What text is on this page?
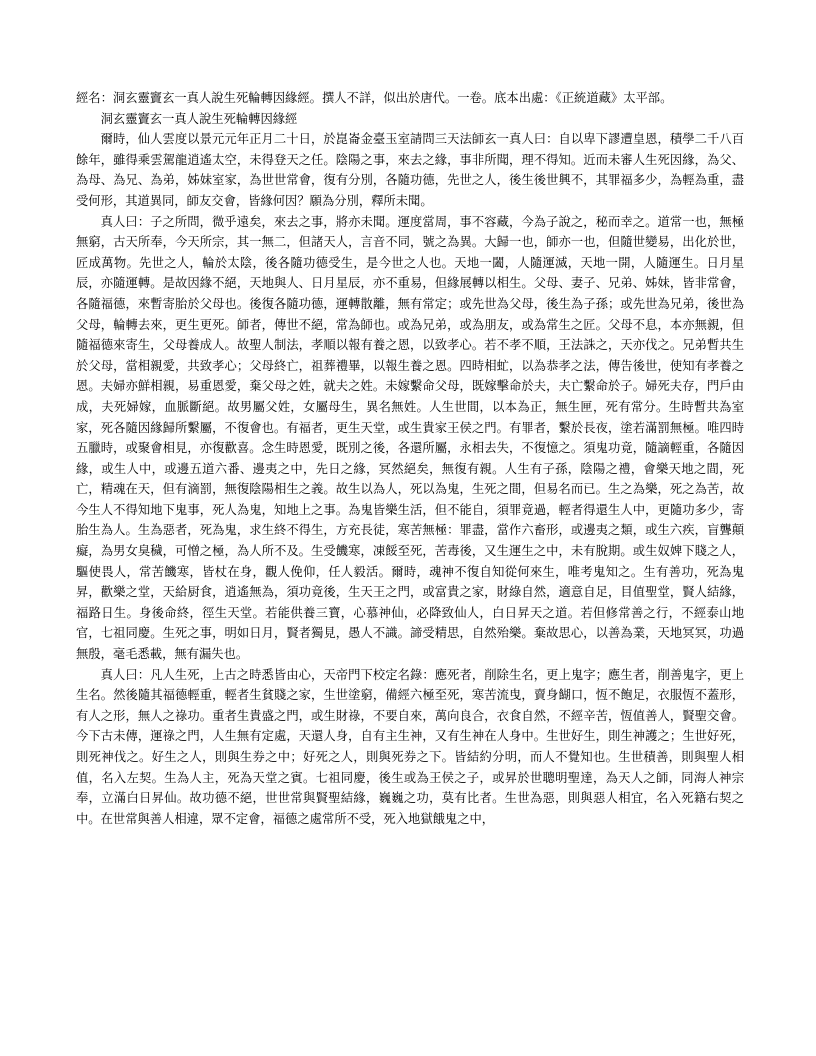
經名：洞玄靈竇玄一真人說生死輪轉因緣經。撰人不詳，似出於唐代。一卷。底本出處：《正統道藏》太平部。

洞玄靈竇玄一真人說生死輪轉因緣經

爾時，仙人雲度以景元元年正月二十日，於崑崙金臺玉室請問三天法師玄一真人曰：自以卑下謬遭皇恩，積學二千八百餘年，雖得乘雲駕龍逍遙太空，未得登天之任。陰陽之事，來去之緣，事非所聞，理不得知。近而未審人生死因緣，為父、為母、為兄、為弟，姊妹室家，為世世常會，復有分別，各隨功德，先世之人，後生後世興不，其罪福多少，為輕為重，盡受何形，其道異同，師友交會，皆緣何因？願為分別，釋所未聞。

真人曰：子之所問，微乎遠矣，來去之事，將亦未聞。運度當周，事不容藏，今為子說之，秘而幸之。道常一也，無極無窮，古天所奉，今天所宗，其一無二，但諸天人，言音不同，號之為異。大歸一也，師亦一也，但隨世變易，出化於世，匠成萬物。先世之人，輪於太陰，後各隨功德受生，是今世之人也。天地一闔，人隨運滅，天地一開，人隨運生。日月星辰，亦隨運轉。是故因緣不絕，天地與人、日月星辰，亦不重易，但緣展轉以相生。父母、妻子、兄弟、姊妹，皆非常會，各隨福德，來暫寄胎於父母也。後復各隨功德，運轉散離，無有常定；或先世為父母，後生為子孫；或先世為兄弟，後世為父母，輪轉去來，更生更死。師者，傳世不絕，常為師也。或為兄弟，或為朋友，或為常生之匠。父母不息，本亦無親，但隨福德來寄生，父母養成人。故聖人制法，孝順以報有養之恩，以致孝心。若不孝不順，王法誅之，天亦伐之。兄弟暫共生於父母，當相親愛，共致孝心；父母終亡，祖葬禮畢，以報生養之恩。四時相虻，以為恭孝之法，傳告後世，使知有孝養之恩。夫婦亦鮮相親，易重恩愛，棄父母之姓，就夫之姓。未嫁繫命父母，既嫁擊命於夫，夫亡繫命於子。婦死夫存，門戶由成，夫死婦嫁，血脈斷絕。故男屬父姓，女屬母生，異名無姓。人生世間，以本為正，無生匣，死有常分。生時暫共為室家，死各隨因緣歸所繫屬，不復會也。有福者，更生天堂，或生貴家王侯之門。有罪者，繫於長夜，塗若滿罰無極。唯四時五臘時，或聚會相見，亦復歡喜。念生時恩愛，既別之後，各還所屬，永相去失，不復憶之。須鬼功竟，隨謫輕重，各隨因緣，或生人中，或邊五道六番、邊夷之中，先日之緣，冥然絕矣，無復有親。人生有子孫，陰陽之禮，會樂天地之間，死亡，精魂在天，但有滴罰，無復陰陽相生之義。故生以為人，死以為鬼，生死之間，但易名而已。生之為樂，死之為苦，故今生人不得知地下鬼事，死人為鬼，知地上之事。為鬼皆樂生活，但不能自，須罪竟過，輕者得還生人中，更隨功多少，寄胎生為人。生為惡者，死為鬼，求生終不得生，方充長徒，寒苦無極：罪盡，當作六畜形，或邊夷之類，或生六疾，盲聾顛癡，為男女臭穢，可憎之極，為人所不及。生受饑寒，凍餒至死，苦毒後，又生運生之中，未有脫期。或生奴婢下賤之人，驅使畏人，常苦饑寒，皆杖在身，觀人俛仰，任人毅活。爾時，魂神不復自知從何來生，唯考鬼知之。生有善功，死為鬼昇，歡樂之堂，天給厨食，逍遙無為，須功竟後，生天王之門，或富貴之家，財綠自然，適意自足，目值聖堂，賢人結緣，福路日生。身後命終，徑生天堂。若能供養三寶，心慕神仙，必降致仙人，白日昇天之道。若但修常善之行，不經泰山地官，七祖同慶。生死之事，明如日月，賢者獨見，愚人不識。諦受精思，自然殆樂。棄故思心，以善為業，天地冥冥，功過無殷，毫毛悉載，無有漏失也。

真人曰：凡人生死，上古之時悉皆由心，天帝門下校定名錄：應死者，削除生名，更上鬼字；應生者，削善鬼字，更上生名。然後隨其福德輕重，輕者生貧賤之家，生世塗窮，備經六極至死，寒苦流曳，賣身餬口，恆不飽足，衣服恆不蓋形，有人之形，無人之祿功。重者生貴盛之門，或生財祿，不要自來，萬向良合，衣食自然，不經辛苦，恆值善人，賢聖交會。今下古未傳，運祿之門，人生無有定處，天還人身，自有主生神，又有生神在人身中。生世好生，則生神護之；生世好死，則死神伐之。好生之人，則與生券之中；好死之人，則與死券之下。皆結約分明，而人不覺知也。生世積善，則與聖人相值，名入左契。生為人主，死為天堂之賓。七祖同慶，後生或為王侯之子，或昇於世聰明聖達，為天人之師，同海人神宗奉，立滿白日昇仙。故功德不絕，世世常與賢聖結緣，巍巍之功，莫有比者。生世為惡，則與惡人相宜，名入死籍右契之中。在世常與善人相違，眾不定會，福德之處常所不受，死入地獄餓鬼之中，
